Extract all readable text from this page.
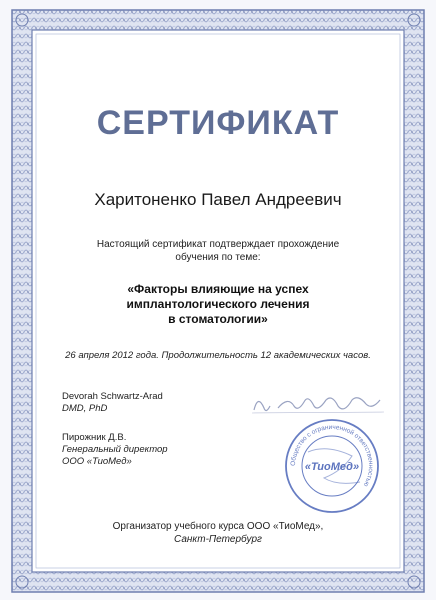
СЕРТИФИКАТ
Харитоненко Павел Андреевич
Настоящий сертификат подтверждает прохождение
обучения по теме:
«Факторы влияющие на успех
имплантологического лечения
в стоматологии»
26 апреля 2012 года. Продолжительность 12 академических часов.
Devorah Schwartz-Arad
DMD, PhD
Пирожник Д.В.
Генеральный директор
ООО «ТиоМед»	Общество с ограниченной ответственностью
«ТиоМед»
Организатор учебного курса ООО «ТиоМед»,
Санкт-Петербург
